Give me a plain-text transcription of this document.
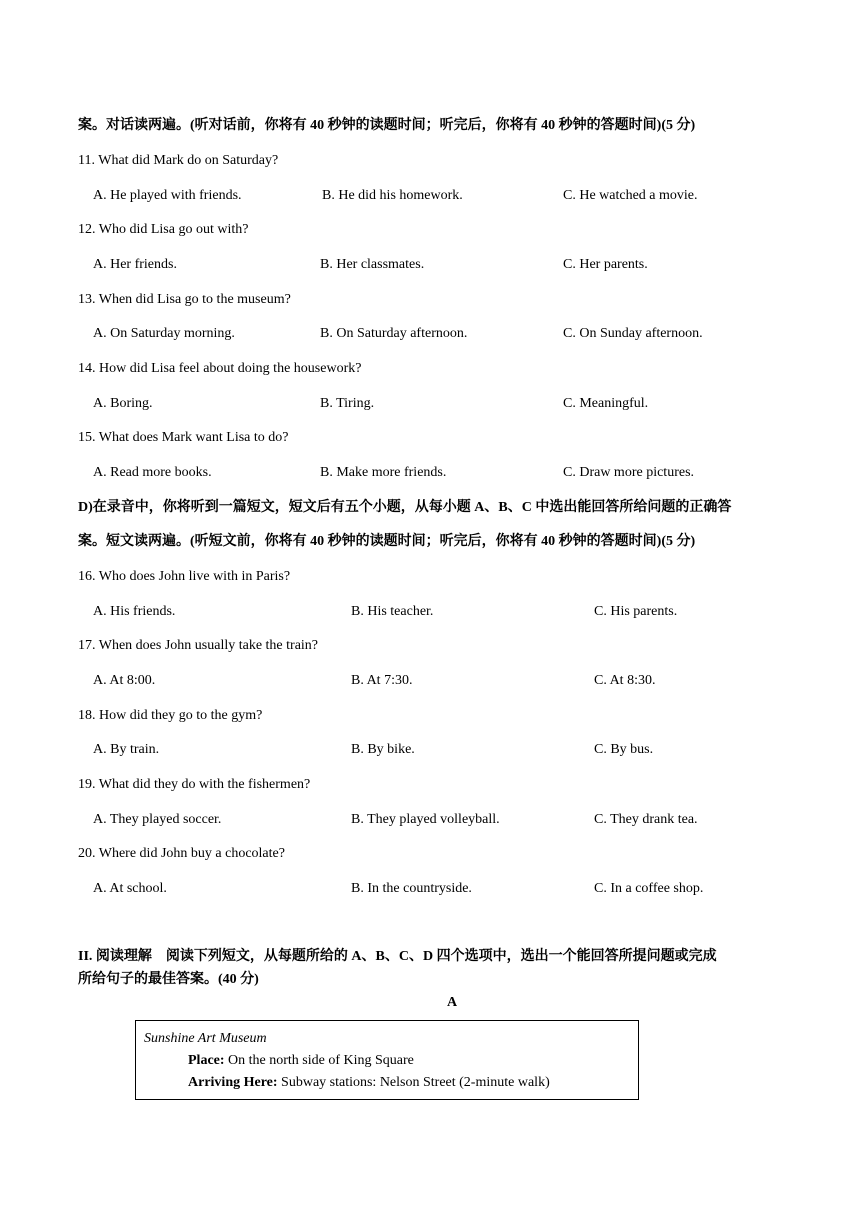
案。对话读两遍。(听对话前，你将有 40 秒钟的读题时间；听完后，你将有 40 秒钟的答题时间)(5 分)
11. What did Mark do on Saturday?
A. He played with friends.	B. He did his homework.	C. He watched a movie.
12. Who did Lisa go out with?
A. Her friends.	B. Her classmates.	C. Her parents.
13. When did Lisa go to the museum?
A. On Saturday morning.	B. On Saturday afternoon.	C. On Sunday afternoon.
14. How did Lisa feel about doing the housework?
A. Boring.	B. Tiring.	C. Meaningful.
15. What does Mark want Lisa to do?
A. Read more books.	B. Make more friends.	C. Draw more pictures.
D)在录音中，你将听到一篇短文，短文后有五个小题，从每小题 A、B、C 中选出能回答所给问题的正确答
案。短文读两遍。(听短文前，你将有 40 秒钟的读题时间；听完后，你将有 40 秒钟的答题时间)(5 分)
16. Who does John live with in Paris?
A. His friends.	B. His teacher.	C. His parents.
17. When does John usually take the train?
A. At 8:00.	B. At 7:30.	C. At 8:30.
18. How did they go to the gym?
A. By train.	B. By bike.	C. By bus.
19. What did they do with the fishermen?
A. They played soccer.	B. They played volleyball.	C. They drank tea.
20. Where did John buy a chocolate?
A. At school.	B. In the countryside.	C. In a coffee shop.
II. 阅读理解　阅读下列短文，从每题所给的 A、B、C、D 四个选项中，选出一个能回答所提问题或完成
所给句子的最佳答案。(40 分)
A
Sunshine Art Museum
Place: On the north side of King Square
Arriving Here: Subway stations: Nelson Street (2-minute walk)
